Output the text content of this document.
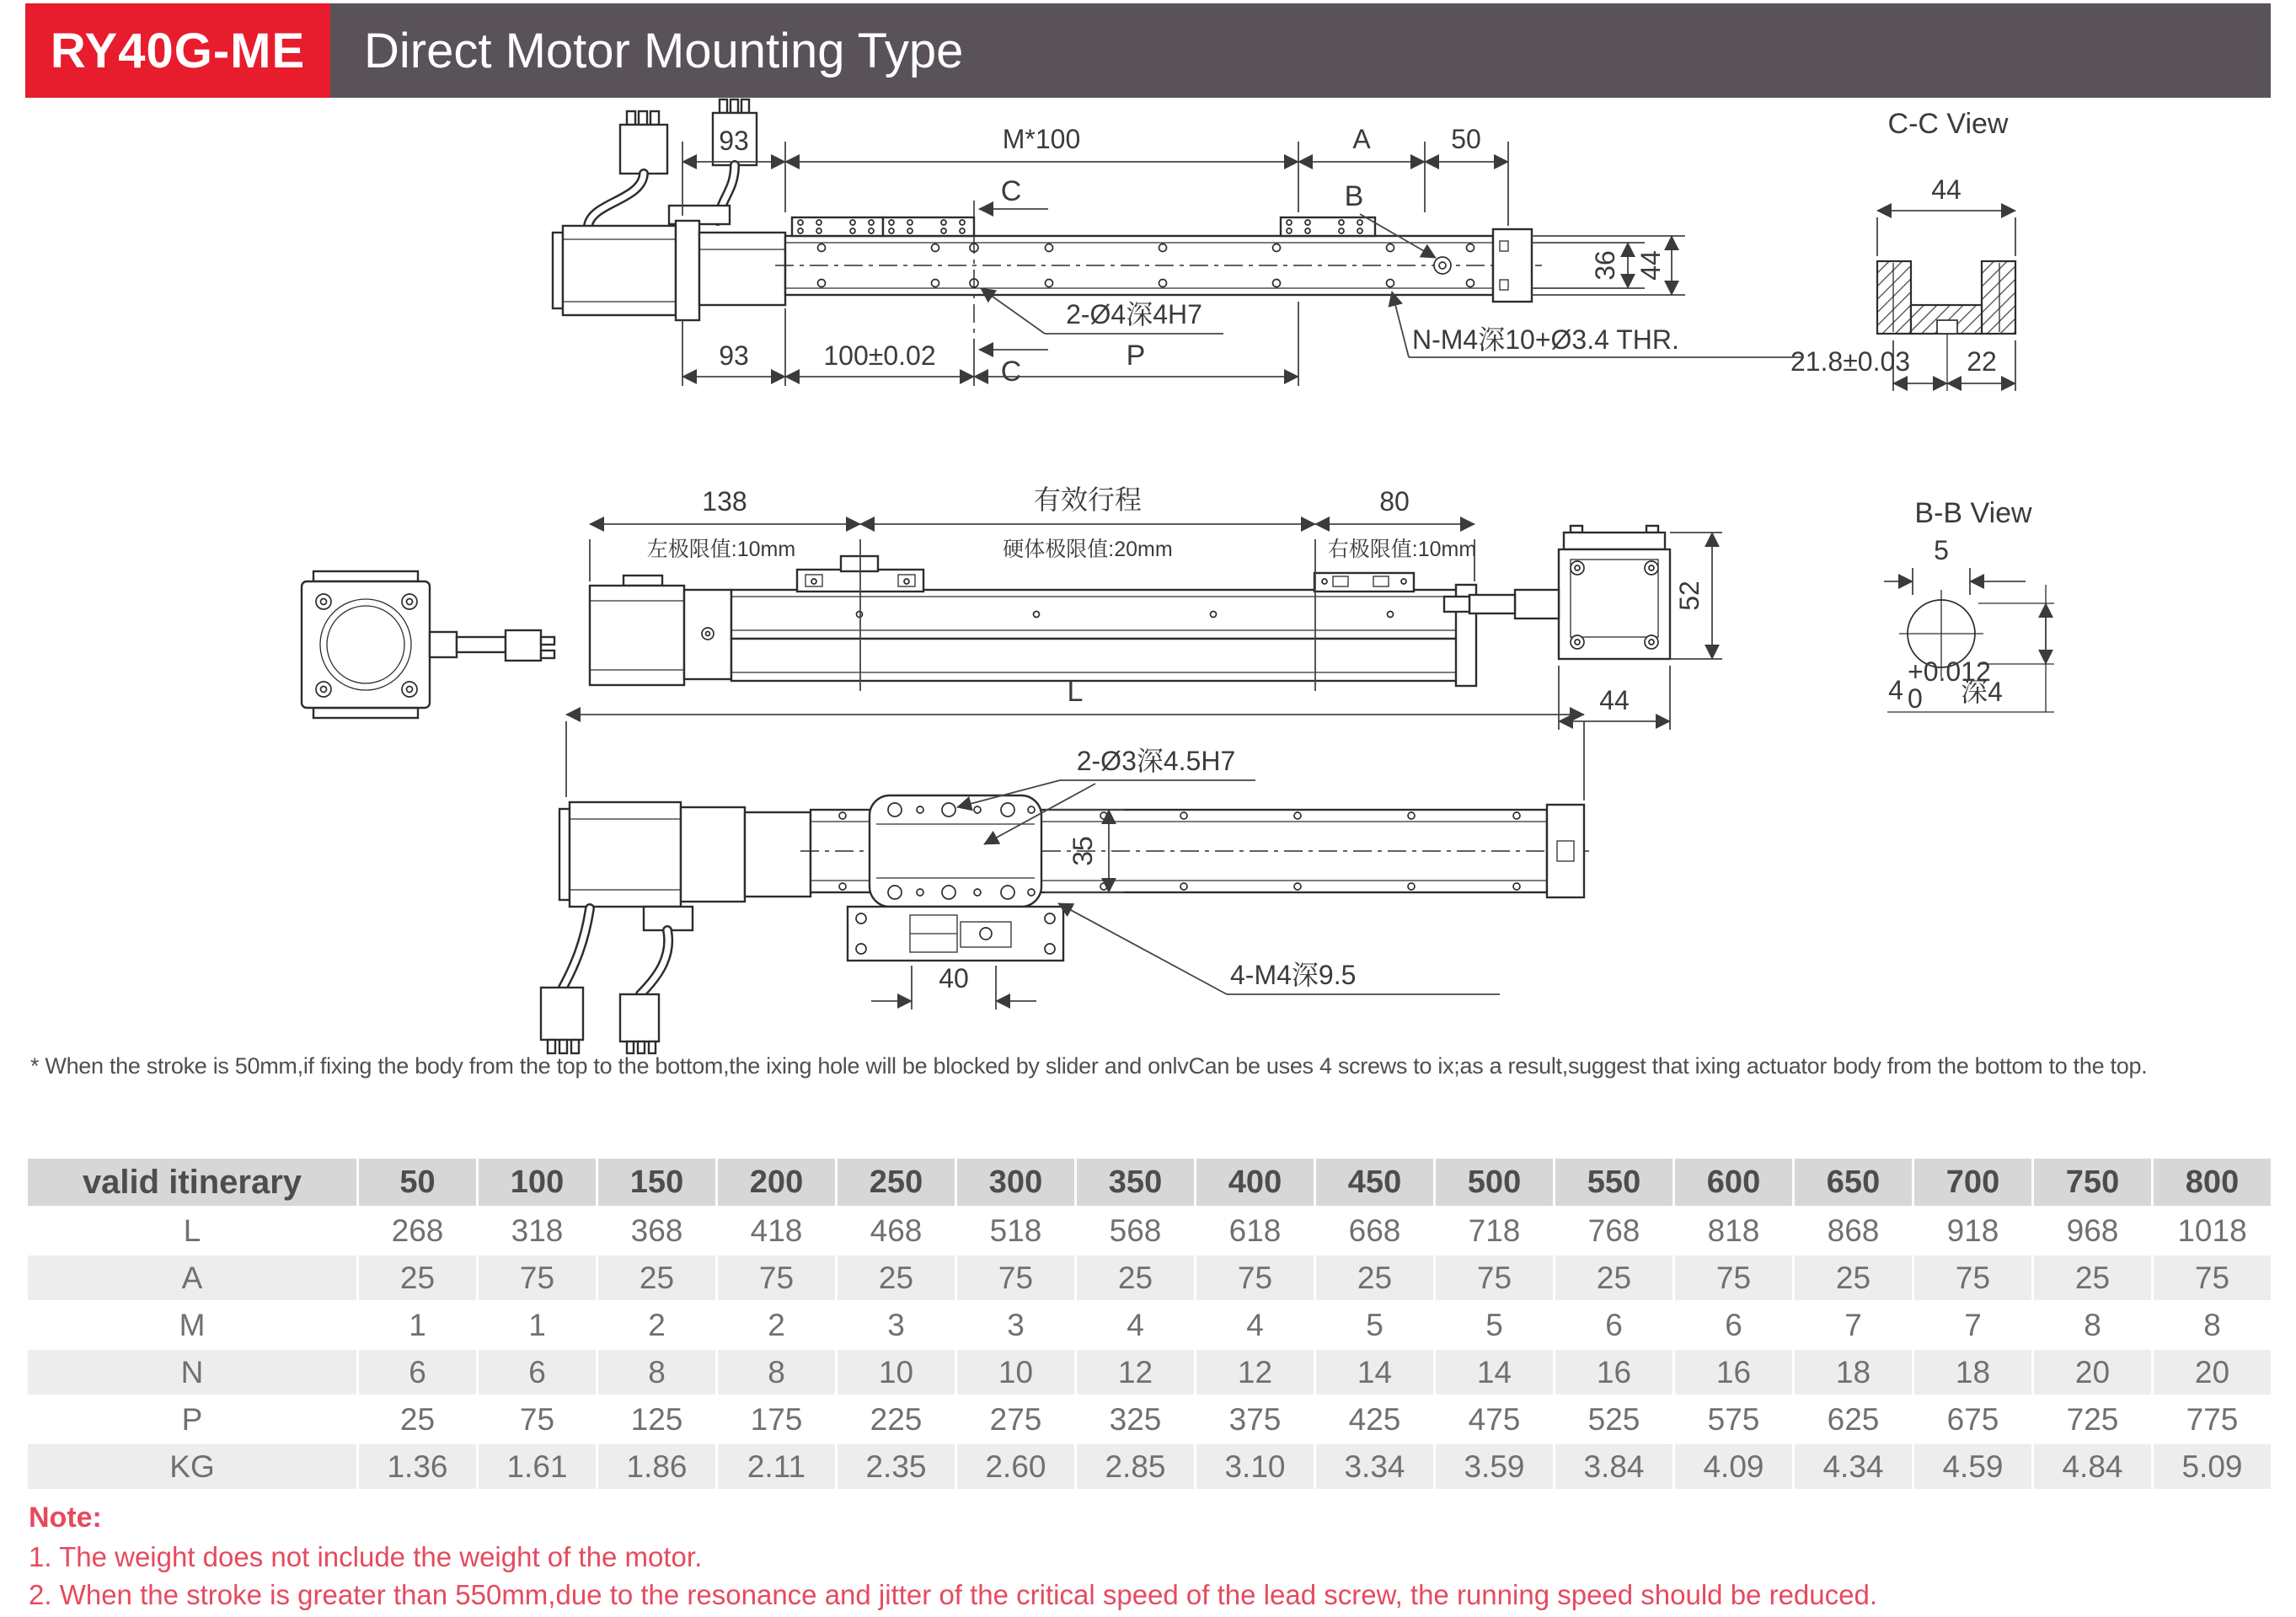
RY40G-ME	Direct Motor Mounting Type
93	M*100	A	50
C
C
B
36 44
2-Ø4深4H7
N-M4深10+Ø3.4 THR.
93	100±0.02	P
C-C View
44
21.8±0.03 22
138	有效行程	80
左极限值:10mm	硬体极限值:20mm	右极限值:10mm
52
44
B-B View
5
4
+0.012
0 深4
L
2-Ø3深4.5H7
35
40	4-M4深9.5
* When the stroke is 50mm,if fixing the body from the top to the bottom,the ixing hole will be blocked by slider and onlvCan be uses 4 screws to ix;as a result,suggest that ixing actuator body from the bottom to the top.
valid itinerary	50	100	150	200	250	300	350	400	450	500	550	600	650	700	750	800
L	268	318	368	418	468	518	568	618	668	718	768	818	868	918	968	1018
A	25	75	25	75	25	75	25	75	25	75	25	75	25	75	25	75
M	1	1	2	2	3	3	4	4	5	5	6	6	7	7	8	8
N	6	6	8	8	10	10	12	12	14	14	16	16	18	18	20	20
P	25	75	125	175	225	275	325	375	425	475	525	575	625	675	725	775
KG	1.36	1.61	1.86	2.11	2.35	2.60	2.85	3.10	3.34	3.59	3.84	4.09	4.34	4.59	4.84	5.09
Note:
1. The weight does not include the weight of the motor.
2. When the stroke is greater than 550mm,due to the resonance and jitter of the critical speed of the lead screw, the running speed should be reduced.
